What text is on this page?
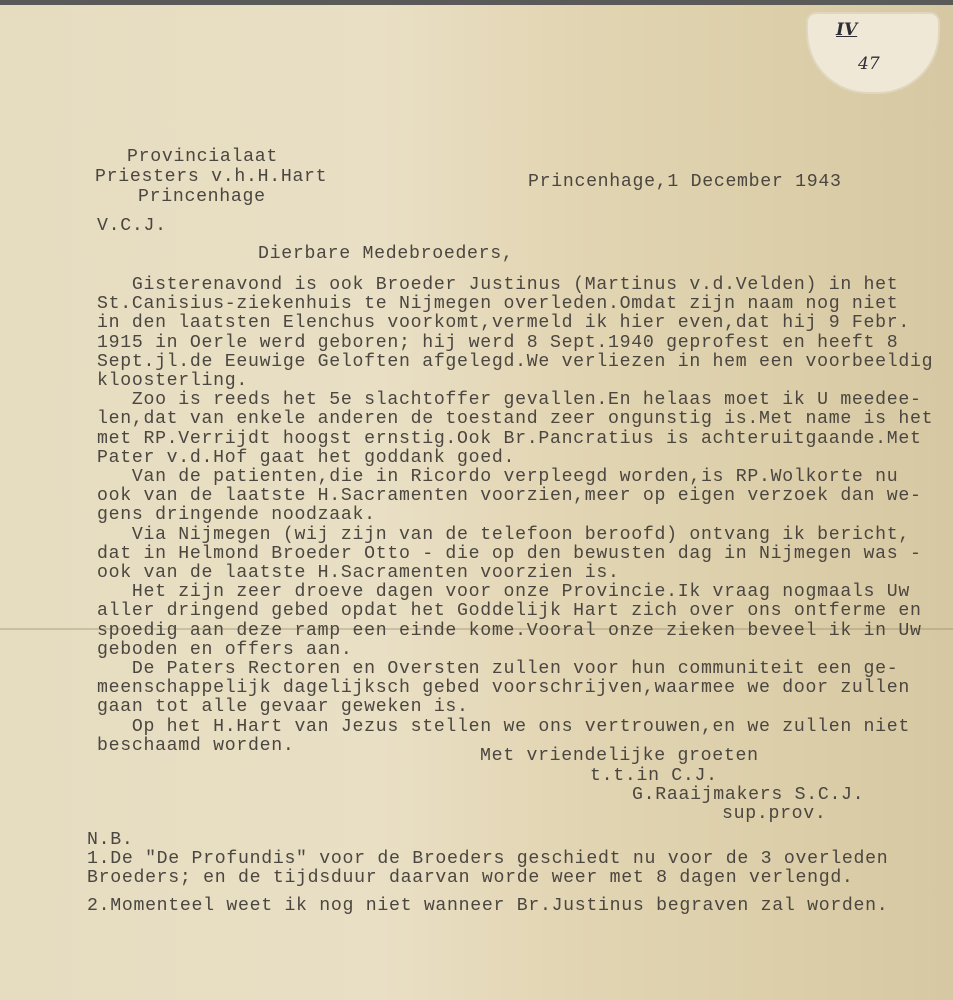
IV
47
Provincialaat
Priesters v.h.H.Hart
Princenhage
Princenhage,1 December 1943
V.C.J.
Dierbare Medebroeders,
Gisterenavond is ook Broeder Justinus (Martinus v.d.Velden) in het
St.Canisius-ziekenhuis te Nijmegen overleden.Omdat zijn naam nog niet
in den laatsten Elenchus voorkomt,vermeld ik hier even,dat hij 9 Febr.
1915 in Oerle werd geboren; hij werd 8 Sept.1940 geprofest en heeft 8
Sept.jl.de Eeuwige Geloften afgelegd.We verliezen in hem een voorbeeldig
kloosterling.
Zoo is reeds het 5e slachtoffer gevallen.En helaas moet ik U meedee-
len,dat van enkele anderen de toestand zeer ongunstig is.Met name is het
met RP.Verrijdt hoogst ernstig.Ook Br.Pancratius is achteruitgaande.Met
Pater v.d.Hof gaat het goddank goed.
Van de patienten,die in Ricordo verpleegd worden,is RP.Wolkorte nu
ook van de laatste H.Sacramenten voorzien,meer op eigen verzoek dan we-
gens dringende noodzaak.
Via Nijmegen (wij zijn van de telefoon beroofd) ontvang ik bericht,
dat in Helmond Broeder Otto - die op den bewusten dag in Nijmegen was -
ook van de laatste H.Sacramenten voorzien is.
Het zijn zeer droeve dagen voor onze Provincie.Ik vraag nogmaals Uw
aller dringend gebed opdat het Goddelijk Hart zich over ons ontferme en
spoedig aan deze ramp een einde kome.Vooral onze zieken beveel ik in Uw
geboden en offers aan.
De Paters Rectoren en Oversten zullen voor hun communiteit een ge-
meenschappelijk dagelijksch gebed voorschrijven,waarmee we door zullen
gaan tot alle gevaar geweken is.
Op het H.Hart van Jezus stellen we ons vertrouwen,en we zullen niet
beschaamd worden.
Met vriendelijke groeten
t.t.in C.J.
G.Raaijmakers S.C.J.
sup.prov.
N.B.
1.De "De Profundis" voor de Broeders geschiedt nu voor de 3 overleden
Broeders; en de tijdsduur daarvan worde weer met 8 dagen verlengd.
2.Momenteel weet ik nog niet wanneer Br.Justinus begraven zal worden.
